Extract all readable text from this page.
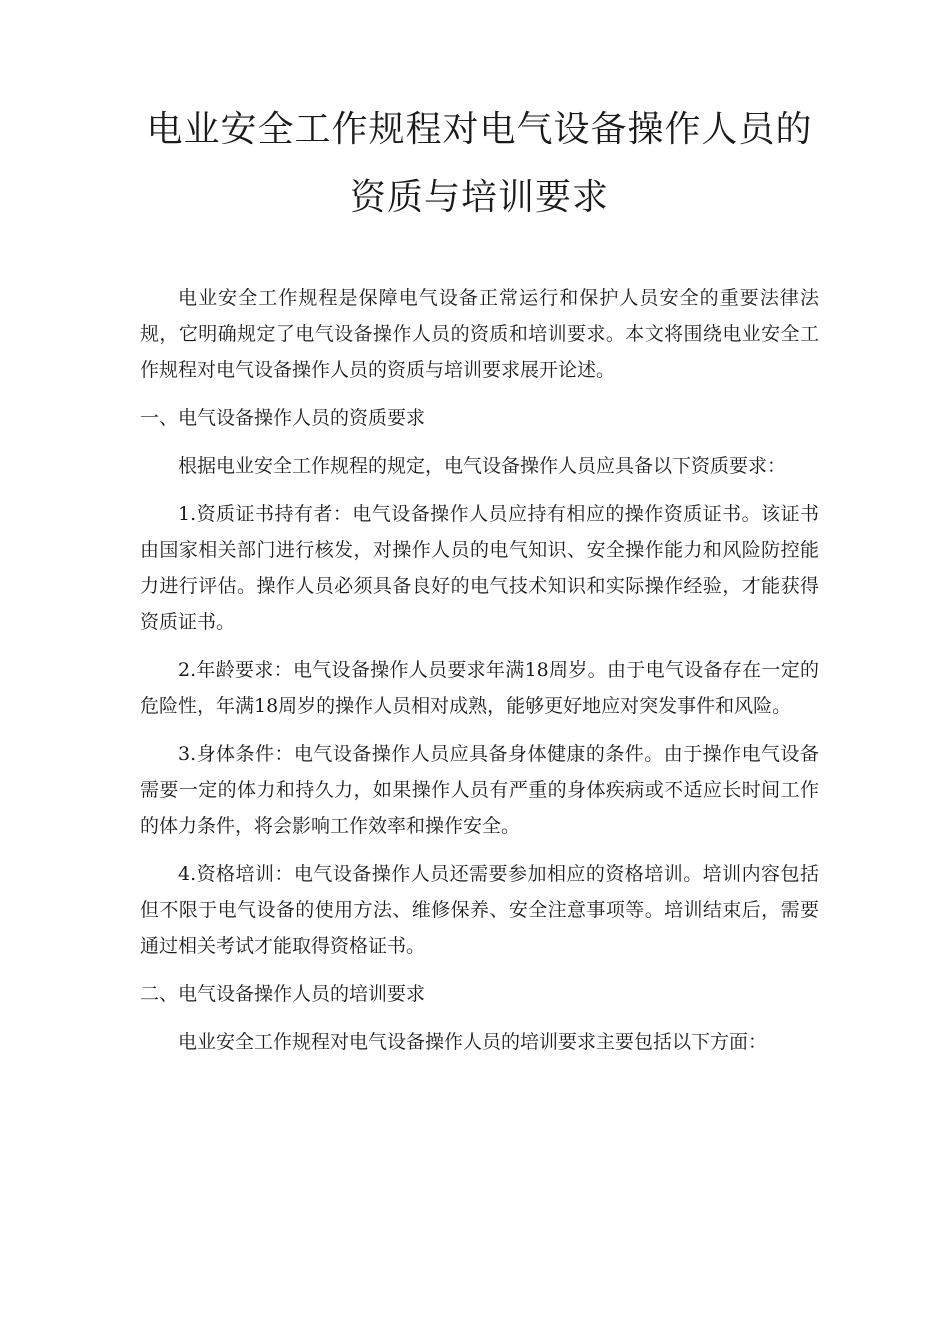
电业安全工作规程对电气设备操作人员的资质与培训要求

电业安全工作规程是保障电气设备正常运行和保护人员安全的重要法律法规，它明确规定了电气设备操作人员的资质和培训要求。本文将围绕电业安全工作规程对电气设备操作人员的资质与培训要求展开论述。

一、电气设备操作人员的资质要求

根据电业安全工作规程的规定，电气设备操作人员应具备以下资质要求：

1.资质证书持有者：电气设备操作人员应持有相应的操作资质证书。该证书由国家相关部门进行核发，对操作人员的电气知识、安全操作能力和风险防控能力进行评估。操作人员必须具备良好的电气技术知识和实际操作经验，才能获得资质证书。

2.年龄要求：电气设备操作人员要求年满18周岁。由于电气设备存在一定的危险性，年满18周岁的操作人员相对成熟，能够更好地应对突发事件和风险。

3.身体条件：电气设备操作人员应具备身体健康的条件。由于操作电气设备需要一定的体力和持久力，如果操作人员有严重的身体疾病或不适应长时间工作的体力条件，将会影响工作效率和操作安全。

4.资格培训：电气设备操作人员还需要参加相应的资格培训。培训内容包括但不限于电气设备的使用方法、维修保养、安全注意事项等。培训结束后，需要通过相关考试才能取得资格证书。

二、电气设备操作人员的培训要求

电业安全工作规程对电气设备操作人员的培训要求主要包括以下方面：
